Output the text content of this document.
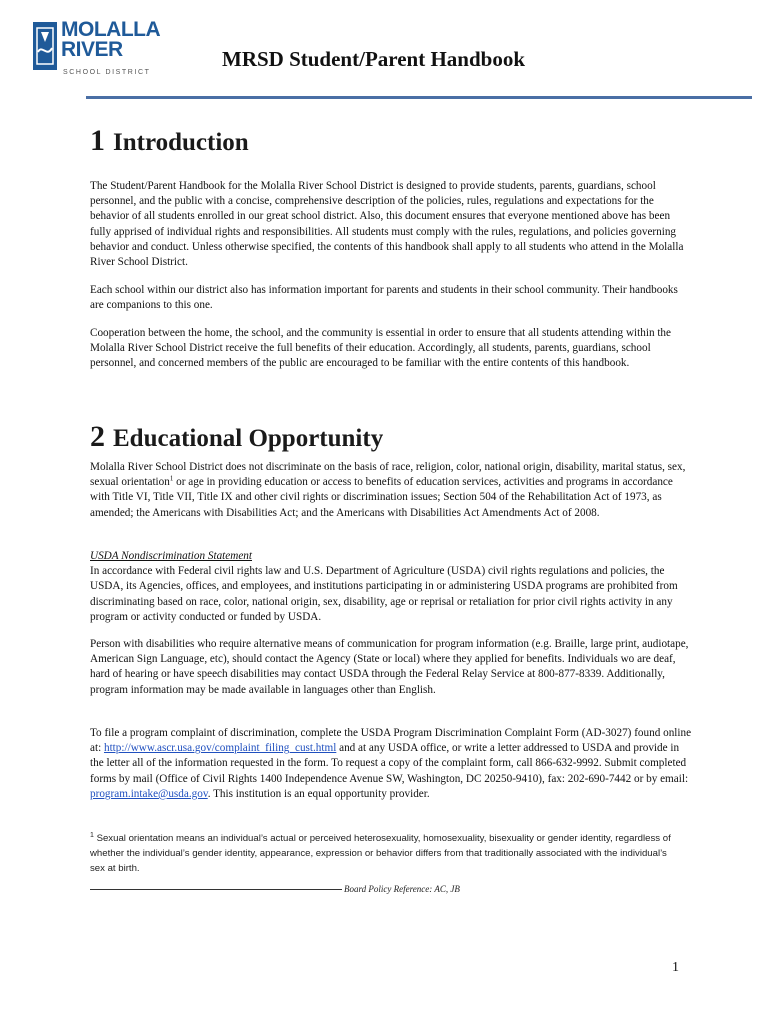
MOLALLA
RIVER
SCHOOL DISTRICT
MRSD Student/Parent Handbook
1 Introduction
The Student/Parent Handbook for the Molalla River School District is designed to provide students, parents, guardians, school personnel, and the public with a concise, comprehensive description of the policies, rules, regulations and expectations for the behavior of all students enrolled in our great school district. Also, this document ensures that everyone mentioned above has been fully apprised of individual rights and responsibilities. All students must comply with the rules, regulations, and policies governing behavior and conduct. Unless otherwise specified, the contents of this handbook shall apply to all students who attend in the Molalla River School District.
Each school within our district also has information important for parents and students in their school community. Their handbooks are companions to this one.
Cooperation between the home, the school, and the community is essential in order to ensure that all students attending within the Molalla River School District receive the full benefits of their education. Accordingly, all students, parents, guardians, school personnel, and concerned members of the public are encouraged to be familiar with the entire contents of this handbook.
2 Educational Opportunity
Molalla River School District does not discriminate on the basis of race, religion, color, national origin, disability, marital status, sex, sexual orientation$^1$ or age in providing education or access to benefits of education services, activities and programs in accordance with Title VI, Title VII, Title IX and other civil rights or discrimination issues; Section 504 of the Rehabilitation Act of 1973, as amended; the Americans with Disabilities Act; and the Americans with Disabilities Act Amendments Act of 2008.
USDA Nondiscrimination Statement
In accordance with Federal civil rights law and U.S. Department of Agriculture (USDA) civil rights regulations and policies, the USDA, its Agencies, offices, and employees, and institutions participating in or administering USDA programs are prohibited from discriminating based on race, color, national origin, sex, disability, age or reprisal or retaliation for prior civil rights activity in any program or activity conducted or funded by USDA.
Person with disabilities who require alternative means of communication for program information (e.g. Braille, large print, audiotape, American Sign Language, etc), should contact the Agency (State or local) where they applied for benefits. Individuals wo are deaf, hard of hearing or have speech disabilities may contact USDA through the Federal Relay Service at 800-877-8339. Additionally, program information may be made available in languages other than English.
To file a program complaint of discrimination, complete the USDA Program Discrimination Complaint Form (AD-3027) found online at: http://www.ascr.usa.gov/complaint_filing_cust.html and at any USDA office, or write a letter addressed to USDA and provide in the letter all of the information requested in the form. To request a copy of the complaint form, call 866-632-9992. Submit completed forms by mail (Office of Civil Rights 1400 Independence Avenue SW, Washington, DC 20250-9410), fax: 202-690-7442 or by email: program.intake@usda.gov. This institution is an equal opportunity provider.
$^1$ Sexual orientation means an individual’s actual or perceived heterosexuality, homosexuality, bisexuality or gender identity, regardless of whether the individual’s gender identity, appearance, expression or behavior differs from that traditionally associated with the individual’s sex at birth.
Board Policy Reference: AC, JB
1
